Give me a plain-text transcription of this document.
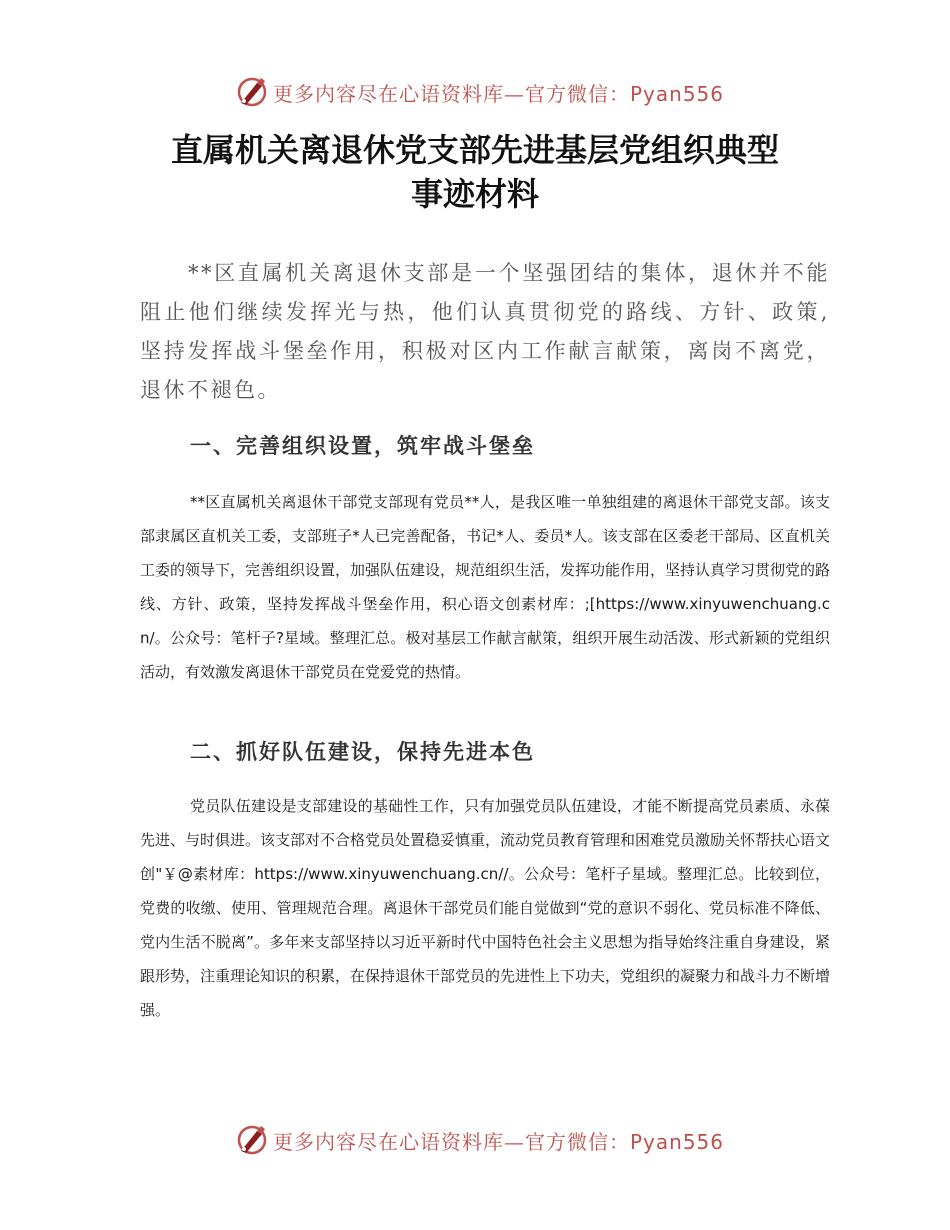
更多内容尽在心语资料库—官方微信：Pyan556
直属机关离退休党支部先进基层党组织典型
事迹材料

**区直属机关离退休支部是一个坚强团结的集体，退休并不能阻止他们继续发挥光与热，他们认真贯彻党的路线、方针、政策,坚持发挥战斗堡垒作用，积极对区内工作献言献策，离岗不离党，退休不褪色。

一、完善组织设置，筑牢战斗堡垒

**区直属机关离退休干部党支部现有党员**人，是我区唯一单独组建的离退休干部党支部。该支部隶属区直机关工委，支部班子*人已完善配备，书记*人、委员*人。该支部在区委老干部局、区直机关工委的领导下，完善组织设置，加强队伍建设，规范组织生活，发挥功能作用，坚持认真学习贯彻党的路线、方针、政策，坚持发挥战斗堡垒作用，积心语文创素材库：;[https://www.xinyuwenchuang.cn/。公众号：笔杆子?星域。整理汇总。极对基层工作献言献策，组织开展生动活泼、形式新颖的党组织活动，有效激发离退休干部党员在党爱党的热情。

二、抓好队伍建设，保持先进本色

党员队伍建设是支部建设的基础性工作，只有加强党员队伍建设，才能不断提高党员素质、永葆先进、与时俱进。该支部对不合格党员处置稳妥慎重，流动党员教育管理和困难党员激励关怀帮扶心语文创"￥@素材库：https://www.xinyuwenchuang.cn//。公众号：笔杆子星域。整理汇总。比较到位，党费的收缴、使用、管理规范合理。离退休干部党员们能自觉做到“党的意识不弱化、党员标准不降低、党内生活不脱离”。多年来支部坚持以习近平新时代中国特色社会主义思想为指导始终注重自身建设，紧跟形势，注重理论知识的积累，在保持退休干部党员的先进性上下功夫，党组织的凝聚力和战斗力不断增强。

更多内容尽在心语资料库—官方微信：Pyan556
